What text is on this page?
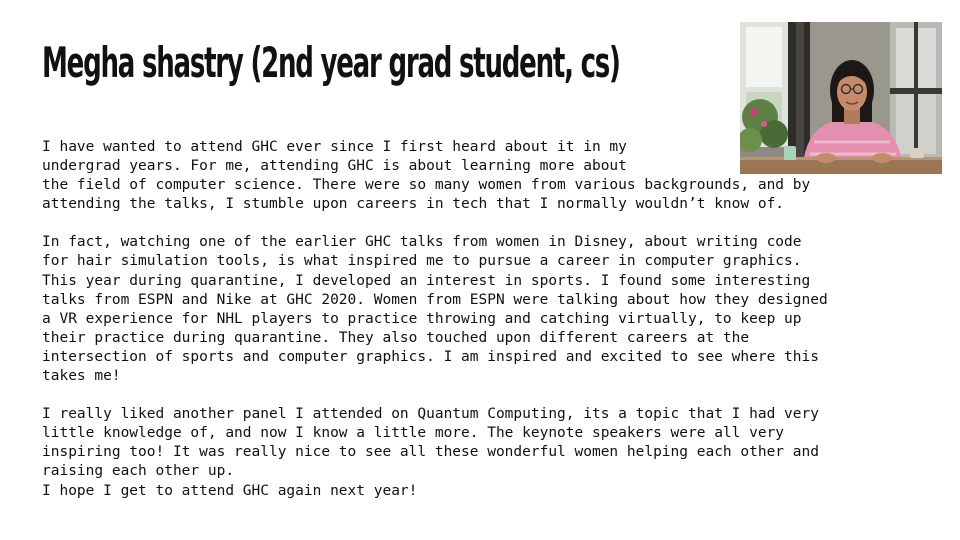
Megha shastry (2nd year grad student, cs)

I have wanted to attend GHC ever since I first heard about it in my
undergrad years. For me, attending GHC is about learning more about
the field of computer science. There were so many women from various backgrounds, and by
attending the talks, I stumble upon careers in tech that I normally wouldn’t know of.

In fact, watching one of the earlier GHC talks from women in Disney, about writing code
for hair simulation tools, is what inspired me to pursue a career in computer graphics.
This year during quarantine, I developed an interest in sports. I found some interesting
talks from ESPN and Nike at GHC 2020. Women from ESPN were talking about how they designed
a VR experience for NHL players to practice throwing and catching virtually, to keep up
their practice during quarantine. They also touched upon different careers at the
intersection of sports and computer graphics. I am inspired and excited to see where this
takes me!

I really liked another panel I attended on Quantum Computing, its a topic that I had very
little knowledge of, and now I know a little more. The keynote speakers were all very
inspiring too! It was really nice to see all these wonderful women helping each other and
raising each other up.
I hope I get to attend GHC again next year!
